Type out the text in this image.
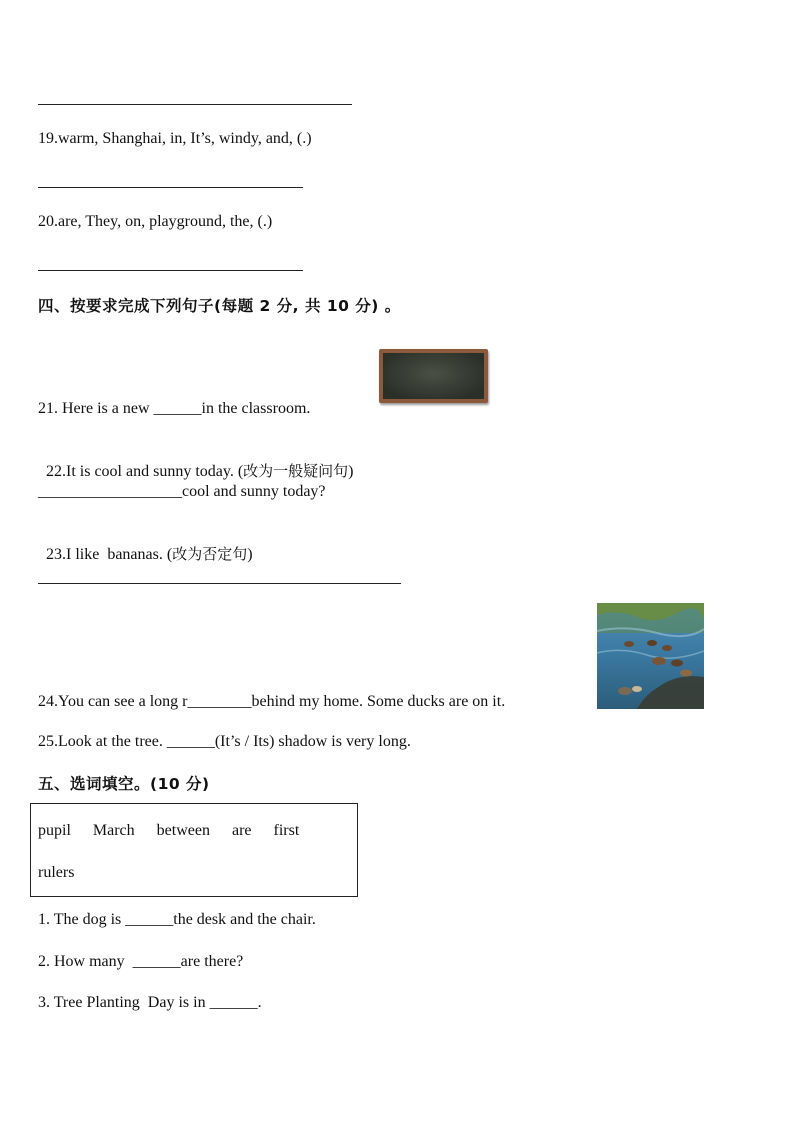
19.warm, Shanghai, in, It’s, windy, and, (.)
20.are, They, on, playground, the, (.)
四、按要求完成下列句子(每题 2 分, 共 10 分) 。
21. Here is a new ______in the classroom.

22.It is cool and sunny today. (改为一般疑问句)

__________________cool and sunny today?

23.I like  bananas. (改为否定句)

24.You can see a long r________behind my home. Some ducks are on it.
25.Look at the tree. ______(It’s / Its) shadow is very long.
五、选词填空。(10 分)
pupil March between are first
rulers
1. The dog is ______the desk and the chair.
2. How many  ______are there?
3. Tree Planting  Day is in ______.
